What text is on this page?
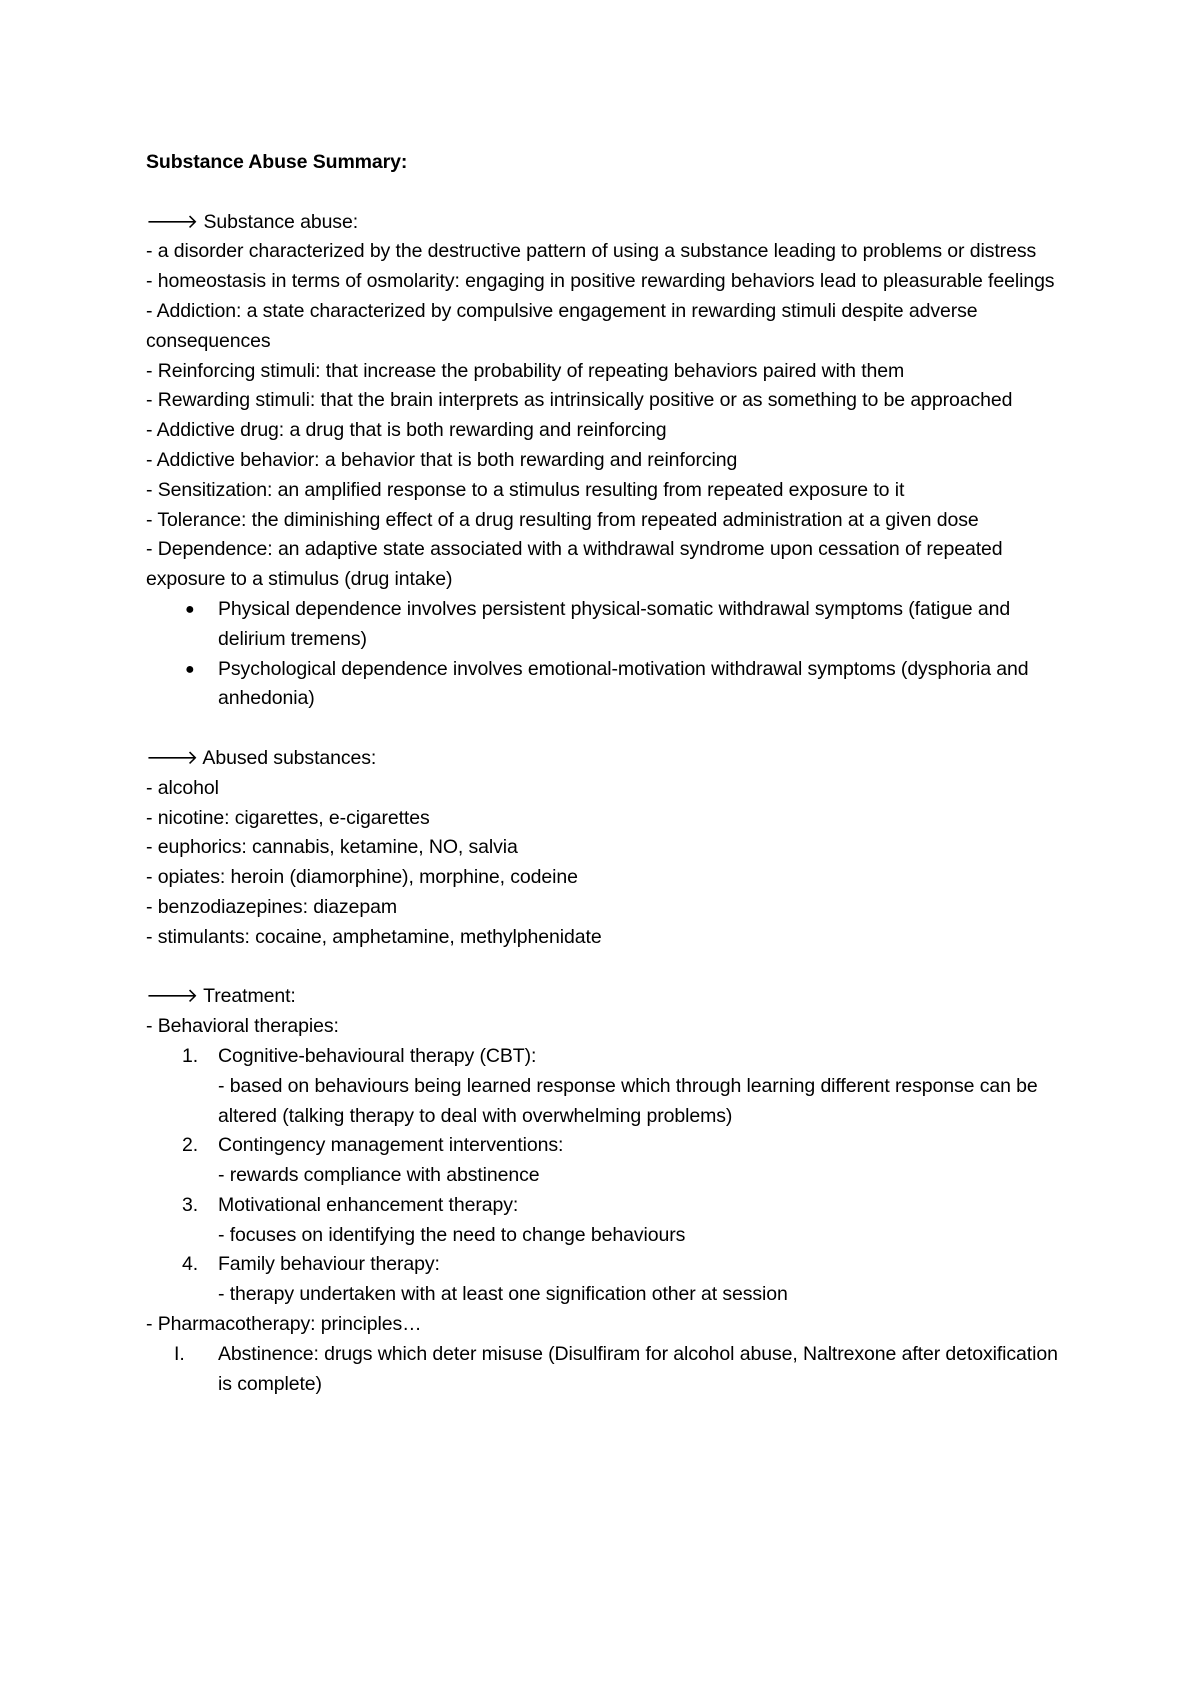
Substance Abuse Summary:

🡒 Substance abuse:

- a disorder characterized by the destructive pattern of using a substance leading to problems or distress

- homeostasis in terms of osmolarity: engaging in positive rewarding behaviors lead to pleasurable feelings

- Addiction: a state characterized by compulsive engagement in rewarding stimuli despite adverse consequences

- Reinforcing stimuli: that increase the probability of repeating behaviors paired with them

- Rewarding stimuli: that the brain interprets as intrinsically positive or as something to be approached

- Addictive drug: a drug that is both rewarding and reinforcing

- Addictive behavior: a behavior that is both rewarding and reinforcing

- Sensitization: an amplified response to a stimulus resulting from repeated exposure to it

- Tolerance: the diminishing effect of a drug resulting from repeated administration at a given dose

- Dependence: an adaptive state associated with a withdrawal syndrome upon cessation of repeated exposure to a stimulus (drug intake)

● Physical dependence involves persistent physical-somatic withdrawal symptoms (fatigue and delirium tremens)
● Psychological dependence involves emotional-motivation withdrawal symptoms (dysphoria and anhedonia)

🡒 Abused substances:

- alcohol

- nicotine: cigarettes, e-cigarettes

- euphorics: cannabis, ketamine, NO, salvia

- opiates: heroin (diamorphine), morphine, codeine

- benzodiazepines: diazepam

- stimulants: cocaine, amphetamine, methylphenidate

🡒 Treatment:

- Behavioral therapies:

1.	Cognitive-behavioural therapy (CBT):

- based on behaviours being learned response which through learning different response can be altered (talking therapy to deal with overwhelming problems)

2.	Contingency management interventions:

- rewards compliance with abstinence

3.	Motivational enhancement therapy:

- focuses on identifying the need to change behaviours

4.	Family behaviour therapy:

- therapy undertaken with at least one signification other at session

- Pharmacotherapy: principles…

I.	Abstinence: drugs which deter misuse (Disulfiram for alcohol abuse, Naltrexone after detoxification is complete)
